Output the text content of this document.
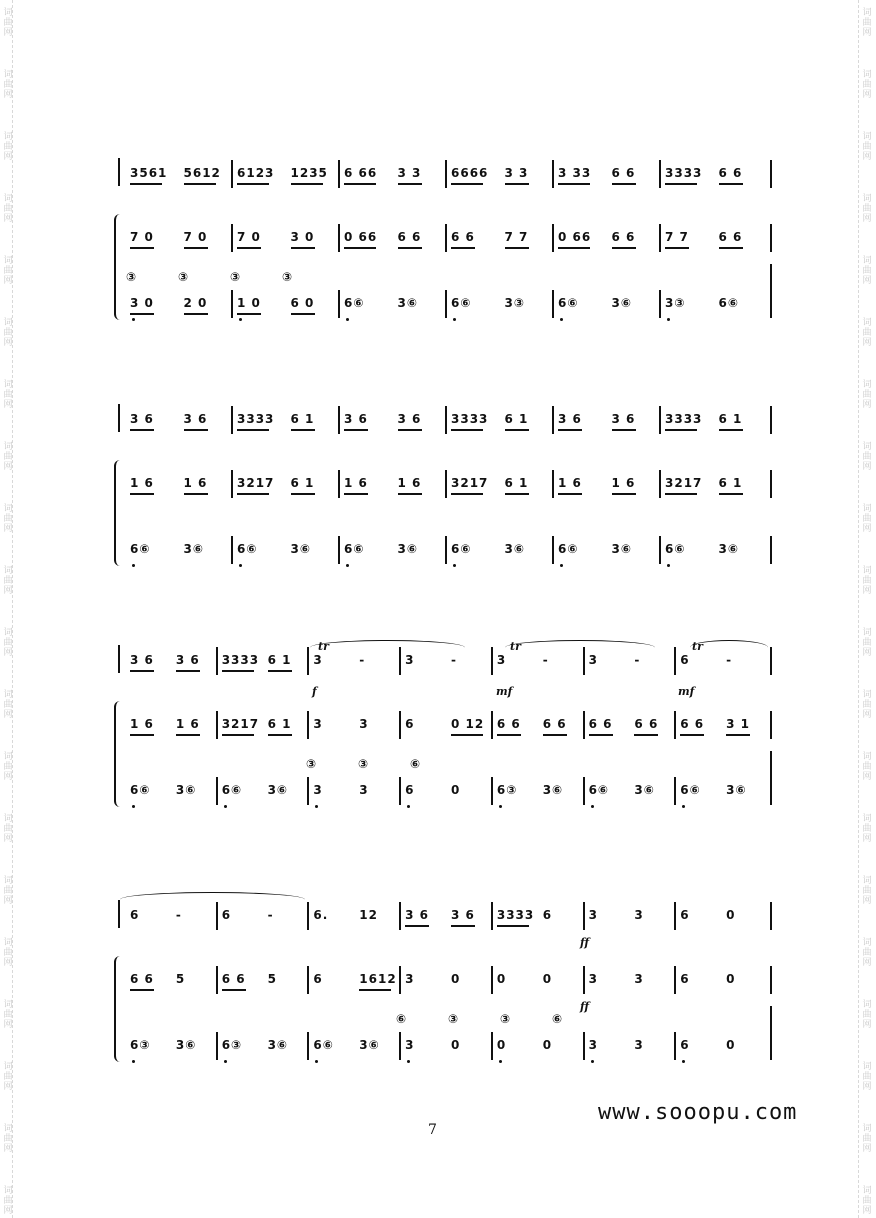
词曲网
词曲网
词曲网
词曲网
词曲网
词曲网
词曲网
词曲网
词曲网
词曲网
词曲网
词曲网
词曲网
词曲网
词曲网
词曲网
词曲网
词曲网
词曲网
词曲网
词曲网
词曲网
词曲网
词曲网
词曲网
词曲网
词曲网
词曲网
词曲网
词曲网
词曲网
词曲网
词曲网
词曲网
词曲网
词曲网
词曲网
词曲网
词曲网
词曲网
3561 5612 6123 1235 6 66 3 3 6666 3 3 3 33 6 6 3333 6 6
7 0 7 0 7 0 3 0 0 66 6 6 6 6 7 7 0 66 6 6 7 7 6 6
③	③	③	③
3 0 2 0 1 0 6 0 6⑥	3⑥	6⑥	3③	6⑥	3⑥	3③	6⑥
3 6 3 6 3333 6 1 3 6 3 6 3333 6 1 3 6 3 6 3333 6 1
1 6 1 6 3217 6 1 1 6 1 6 3217 6 1 1 6 1 6 3217 6 1
6⑥	3⑥	6⑥	3⑥	6⑥	3⑥	6⑥	3⑥	6⑥	3⑥	6⑥	3⑥
3 6 3 6 3333 6 1 3	-	3	-	3	-	3	-	6	-
1 6 1 6 3217 6 1 3	3	6	0 12 6 6 6 6 6 6 6 6 6 6 3 1
③	③	⑥
6⑥ 3⑥ 6⑥ 3⑥ 3	3	6	0	6③ 3⑥ 6⑥ 3⑥ 6⑥ 3⑥
6	-	6	-	6.	12 3 6 3 6 3333 6	3	3	6	0
6 6 5	6 6 5	6	1612 3	0	0	0	3	3	6	0
⑥	③	③	⑥
6③ 3⑥ 6③ 3⑥ 6⑥ 3⑥ 3	0	0	0	3	3	6	0
tr	tr	tr
f	mf	mf
ff
ff
www.sooopu.com
7
